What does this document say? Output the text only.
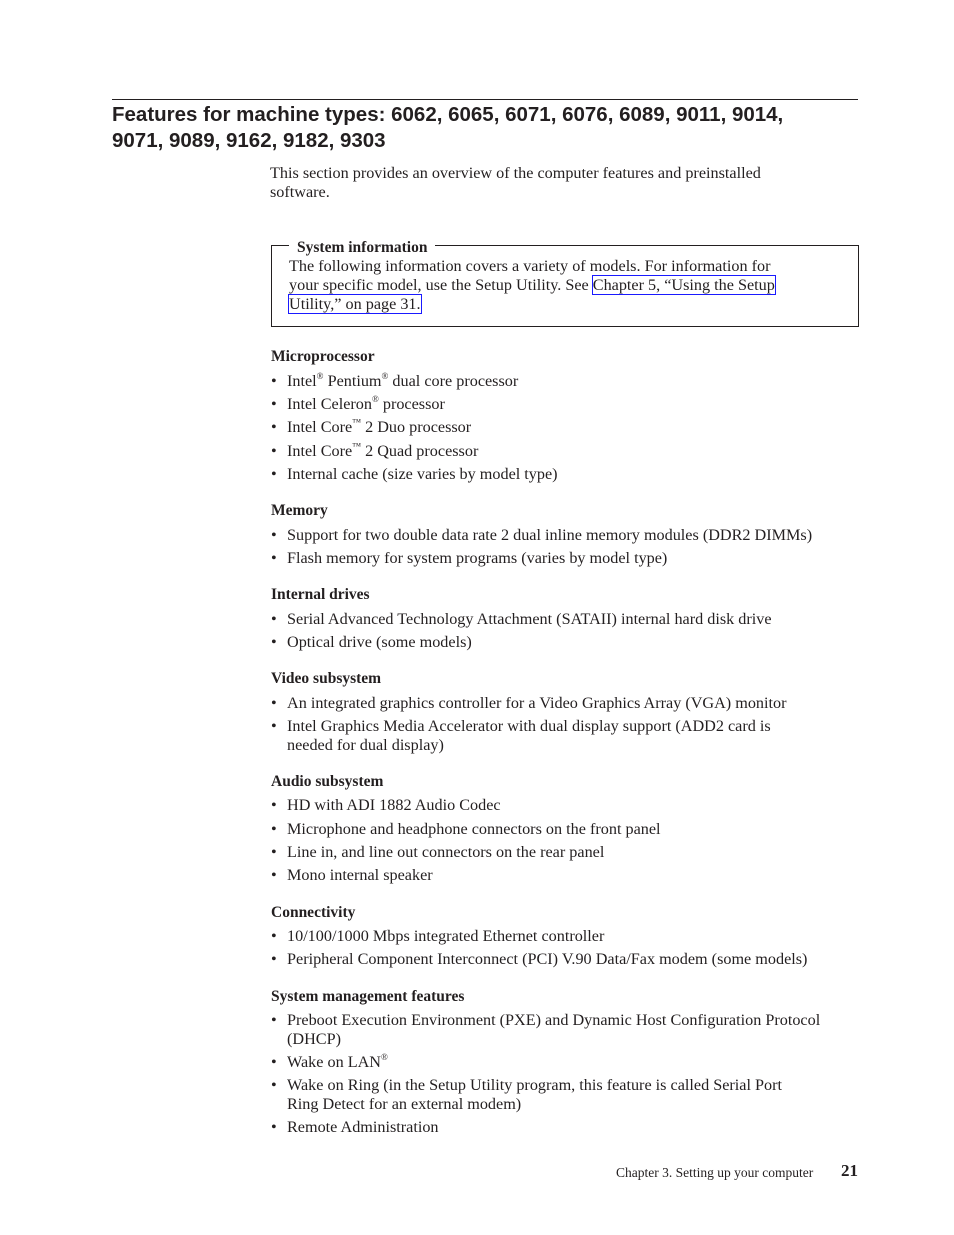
Features for machine types: 6062, 6065, 6071, 6076, 6089, 9011, 9014,
9071, 9089, 9162, 9182, 9303
This section provides an overview of the computer features and preinstalled
software.
System information
The following information covers a variety of models. For information for
your specific model, use the Setup Utility. See Chapter 5, “Using the Setup
Utility,” on page 31.
Microprocessor
• Intel® Pentium® dual core processor
• Intel Celeron® processor
• Intel Core™ 2 Duo processor
• Intel Core™ 2 Quad processor
• Internal cache (size varies by model type)
Memory
• Support for two double data rate 2 dual inline memory modules (DDR2 DIMMs)
• Flash memory for system programs (varies by model type)
Internal drives
• Serial Advanced Technology Attachment (SATAII) internal hard disk drive
• Optical drive (some models)
Video subsystem
• An integrated graphics controller for a Video Graphics Array (VGA) monitor
• Intel Graphics Media Accelerator with dual display support (ADD2 card is
needed for dual display)
Audio subsystem
• HD with ADI 1882 Audio Codec
• Microphone and headphone connectors on the front panel
• Line in, and line out connectors on the rear panel
• Mono internal speaker
Connectivity
• 10/100/1000 Mbps integrated Ethernet controller
• Peripheral Component Interconnect (PCI) V.90 Data/Fax modem (some models)
System management features
• Preboot Execution Environment (PXE) and Dynamic Host Configuration Protocol
(DHCP)
• Wake on LAN®
• Wake on Ring (in the Setup Utility program, this feature is called Serial Port
Ring Detect for an external modem)
• Remote Administration
Chapter 3. Setting up your computer 21
